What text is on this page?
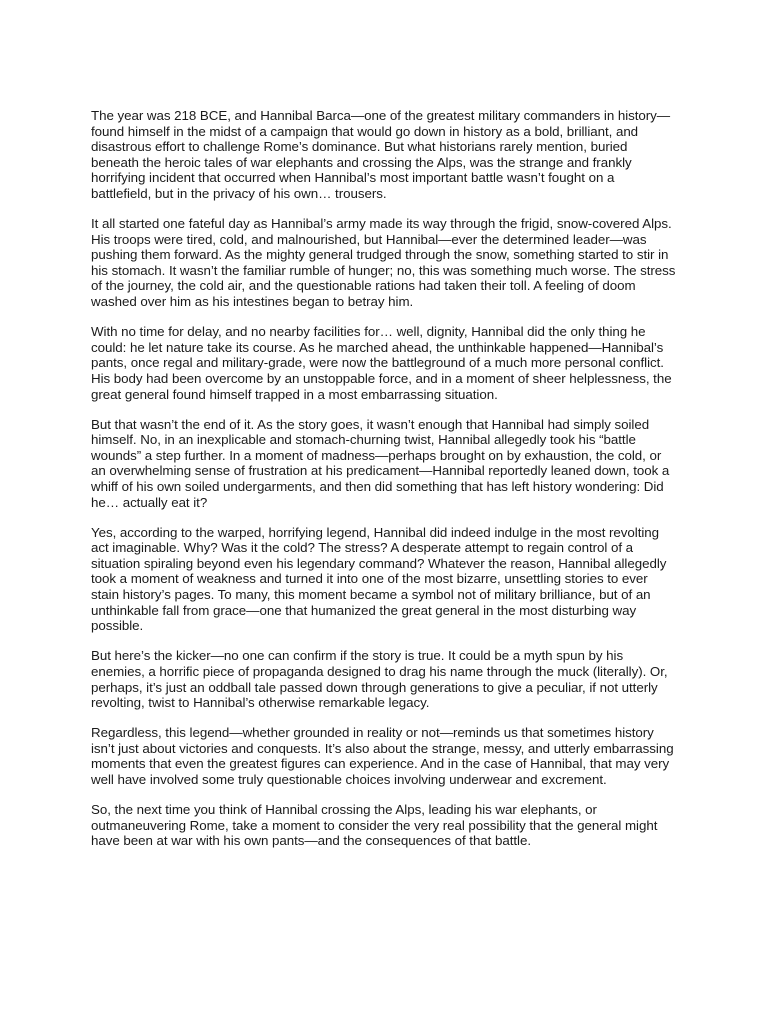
The year was 218 BCE, and Hannibal Barca—one of the greatest military commanders in history—found himself in the midst of a campaign that would go down in history as a bold, brilliant, and disastrous effort to challenge Rome’s dominance. But what historians rarely mention, buried beneath the heroic tales of war elephants and crossing the Alps, was the strange and frankly horrifying incident that occurred when Hannibal’s most important battle wasn’t fought on a battlefield, but in the privacy of his own… trousers.

It all started one fateful day as Hannibal’s army made its way through the frigid, snow-covered Alps. His troops were tired, cold, and malnourished, but Hannibal—ever the determined leader—was pushing them forward. As the mighty general trudged through the snow, something started to stir in his stomach. It wasn’t the familiar rumble of hunger; no, this was something much worse. The stress of the journey, the cold air, and the questionable rations had taken their toll. A feeling of doom washed over him as his intestines began to betray him.

With no time for delay, and no nearby facilities for… well, dignity, Hannibal did the only thing he could: he let nature take its course. As he marched ahead, the unthinkable happened—Hannibal’s pants, once regal and military-grade, were now the battleground of a much more personal conflict. His body had been overcome by an unstoppable force, and in a moment of sheer helplessness, the great general found himself trapped in a most embarrassing situation.

But that wasn’t the end of it. As the story goes, it wasn’t enough that Hannibal had simply soiled himself. No, in an inexplicable and stomach-churning twist, Hannibal allegedly took his “battle wounds” a step further. In a moment of madness—perhaps brought on by exhaustion, the cold, or an overwhelming sense of frustration at his predicament—Hannibal reportedly leaned down, took a whiff of his own soiled undergarments, and then did something that has left history wondering: Did he… actually eat it?

Yes, according to the warped, horrifying legend, Hannibal did indeed indulge in the most revolting act imaginable. Why? Was it the cold? The stress? A desperate attempt to regain control of a situation spiraling beyond even his legendary command? Whatever the reason, Hannibal allegedly took a moment of weakness and turned it into one of the most bizarre, unsettling stories to ever stain history’s pages. To many, this moment became a symbol not of military brilliance, but of an unthinkable fall from grace—one that humanized the great general in the most disturbing way possible.

But here’s the kicker—no one can confirm if the story is true. It could be a myth spun by his enemies, a horrific piece of propaganda designed to drag his name through the muck (literally). Or, perhaps, it’s just an oddball tale passed down through generations to give a peculiar, if not utterly revolting, twist to Hannibal’s otherwise remarkable legacy.

Regardless, this legend—whether grounded in reality or not—reminds us that sometimes history isn’t just about victories and conquests. It’s also about the strange, messy, and utterly embarrassing moments that even the greatest figures can experience. And in the case of Hannibal, that may very well have involved some truly questionable choices involving underwear and excrement.

So, the next time you think of Hannibal crossing the Alps, leading his war elephants, or outmaneuvering Rome, take a moment to consider the very real possibility that the general might have been at war with his own pants—and the consequences of that battle.
